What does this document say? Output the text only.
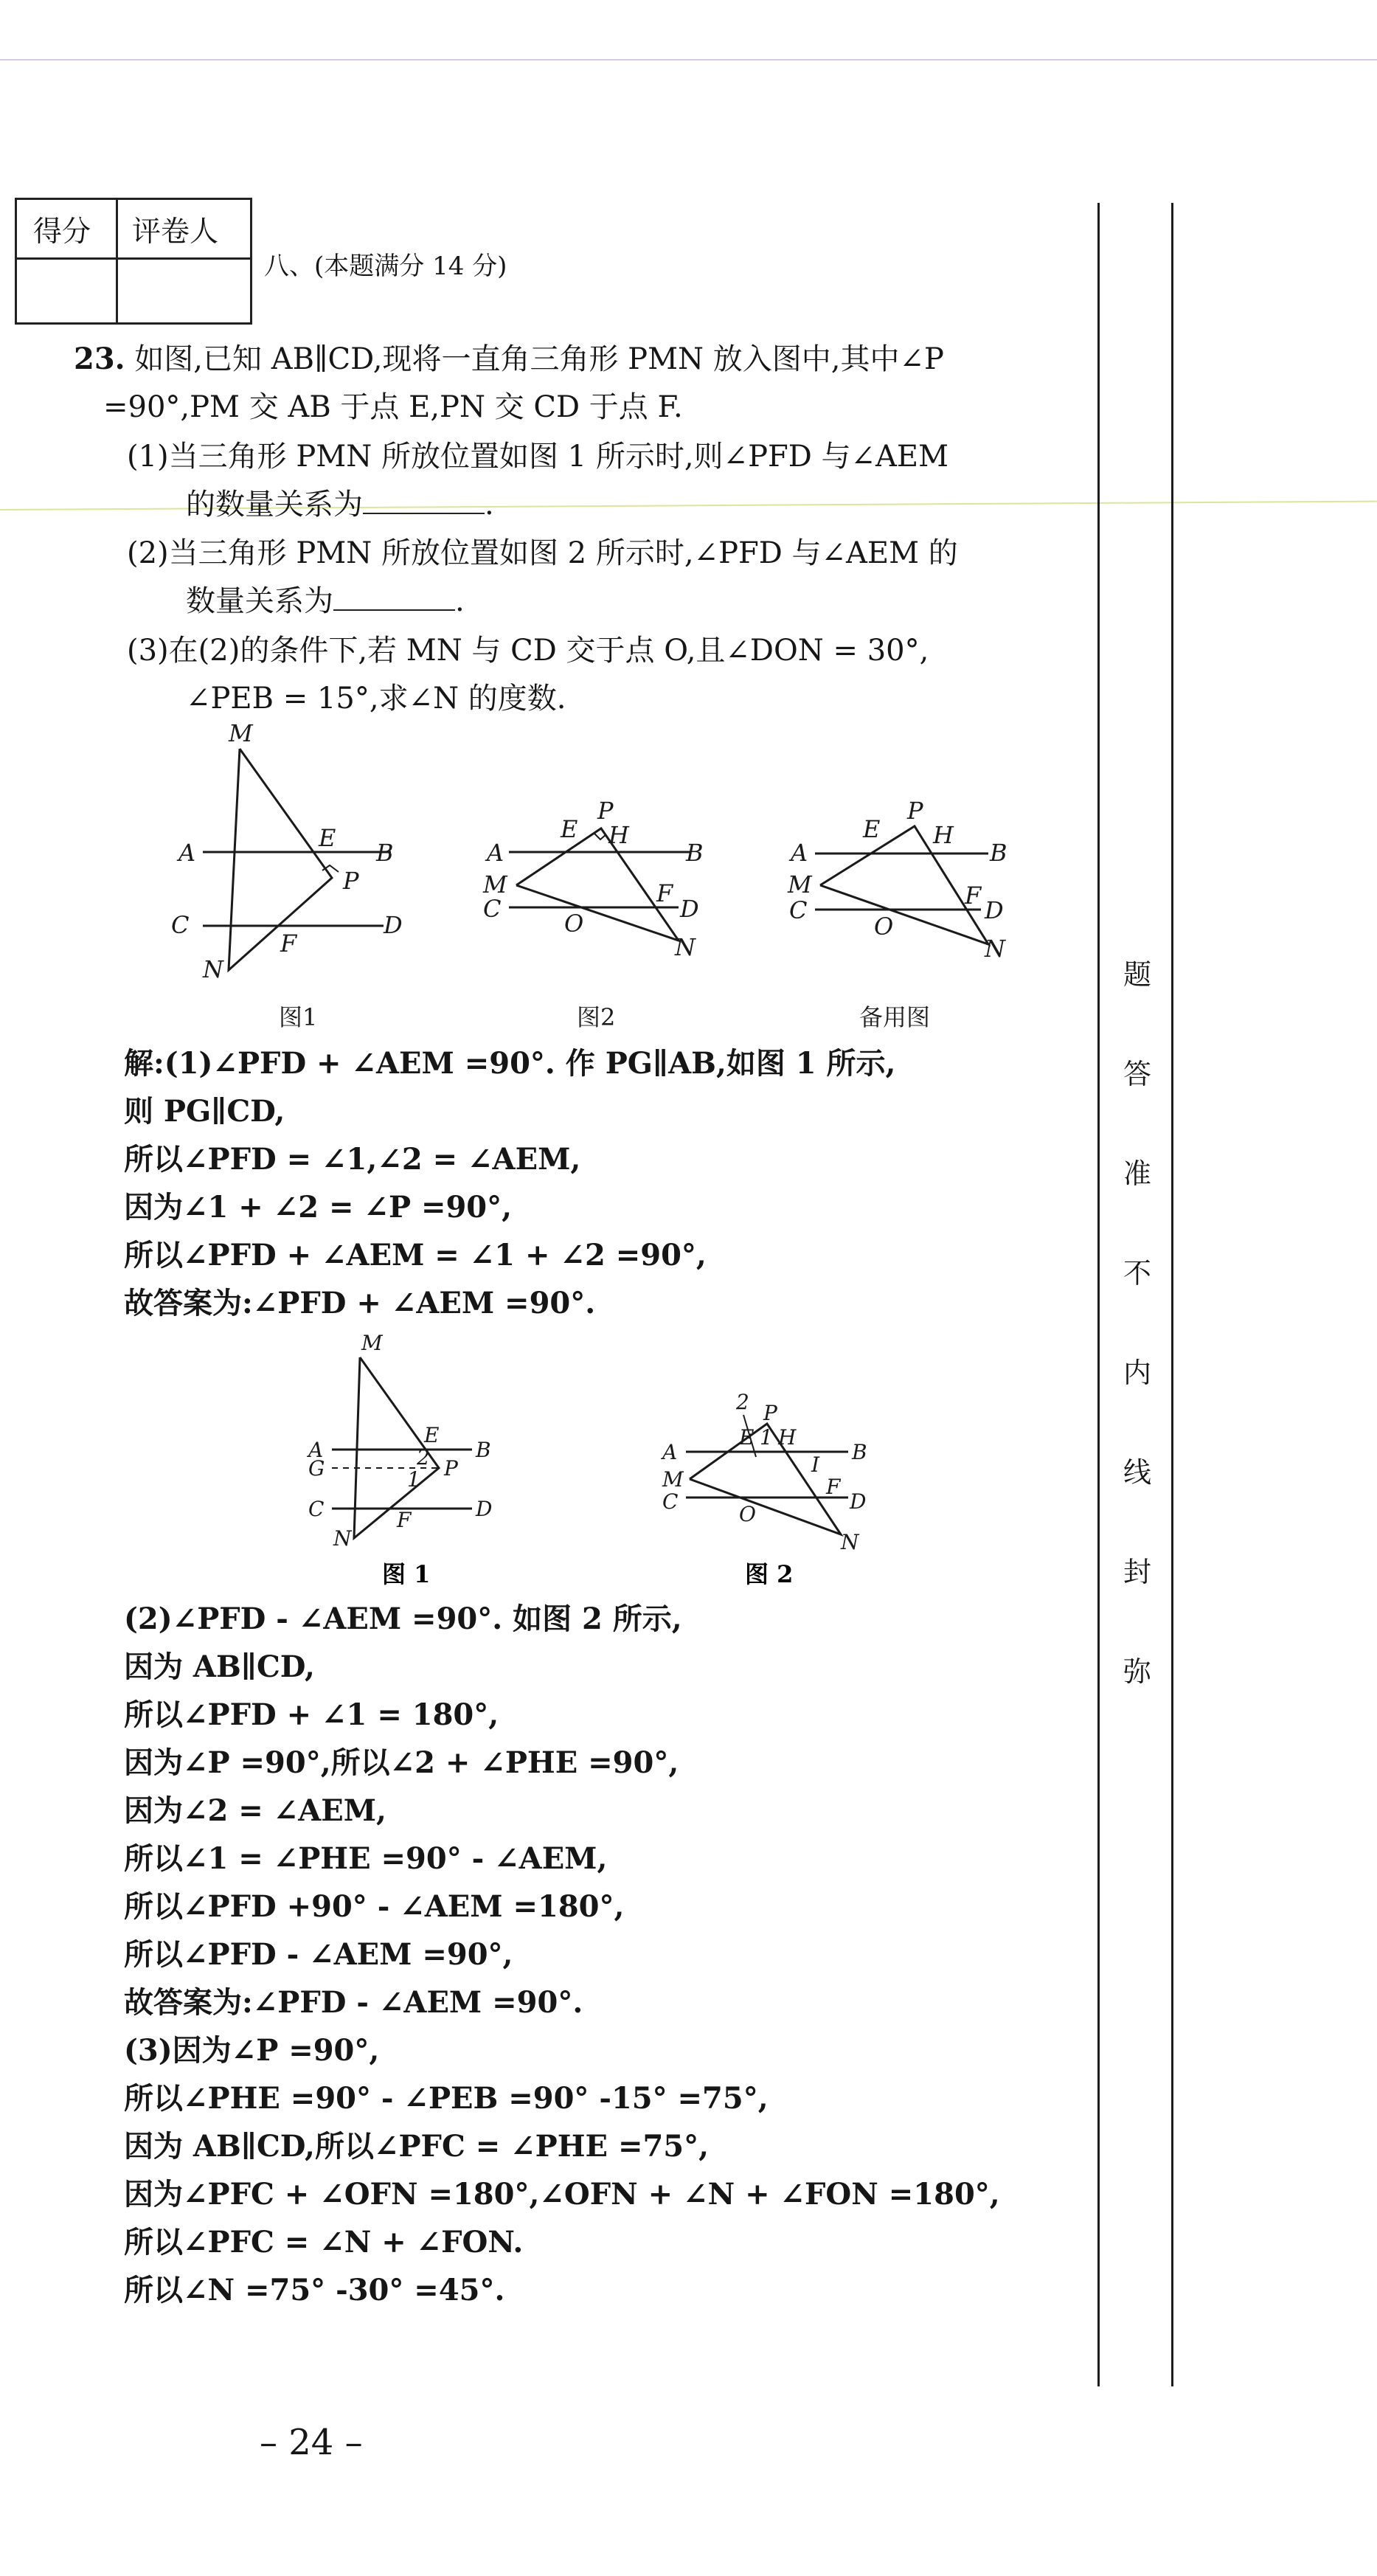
得分 评卷人
八、(本题满分 14 分)
23. 如图,已知 AB∥CD,现将一直角三角形 PMN 放入图中,其中∠P
=90°,PM 交 AB 于点 E,PN 交 CD 于点 F.
(1)当三角形 PMN 所放位置如图 1 所示时,则∠PFD 与∠AEM
的数量关系为	.
(2)当三角形 PMN 所放位置如图 2 所示时,∠PFD 与∠AEM 的
数量关系为	.
(3)在(2)的条件下,若 MN 与 CD 交于点 O,且∠DON = 30°,
∠PEB = 15°,求∠N 的度数.
M
A
E
B
P
C	D
F
N
P
E H
A	B
M	F
C	D
O
N
P
E H
A	B
M	F
C	D
O
N
图1	图2	备用图
解:(1)∠PFD + ∠AEM =90°. 作 PG∥AB,如图 1 所示,
则 PG∥CD,
所以∠PFD = ∠1,∠2 = ∠AEM,
因为∠1 + ∠2 = ∠P =90°,
所以∠PFD + ∠AEM = ∠1 + ∠2 =90°,
故答案为:∠PFD + ∠AEM =90°.
M
A
E
B
G	2 P
1
C	D
F
N
2 P
E 1 H
A	B
I
M	F
D
C
O
N
图 1	图 2
(2)∠PFD - ∠AEM =90°. 如图 2 所示,
因为 AB∥CD,
所以∠PFD + ∠1 = 180°,
因为∠P =90°,所以∠2 + ∠PHE =90°,
因为∠2 = ∠AEM,
所以∠1 = ∠PHE =90° - ∠AEM,
所以∠PFD +90° - ∠AEM =180°,
所以∠PFD - ∠AEM =90°,
故答案为:∠PFD - ∠AEM =90°.
(3)因为∠P =90°,
所以∠PHE =90° - ∠PEB =90° -15° =75°,
因为 AB∥CD,所以∠PFC = ∠PHE =75°,
因为∠PFC + ∠OFN =180°,∠OFN + ∠N + ∠FON =180°,
所以∠PFC = ∠N + ∠FON.
所以∠N =75° -30° =45°.
弥
封
线
内
不
准
答
题
– 24 –
